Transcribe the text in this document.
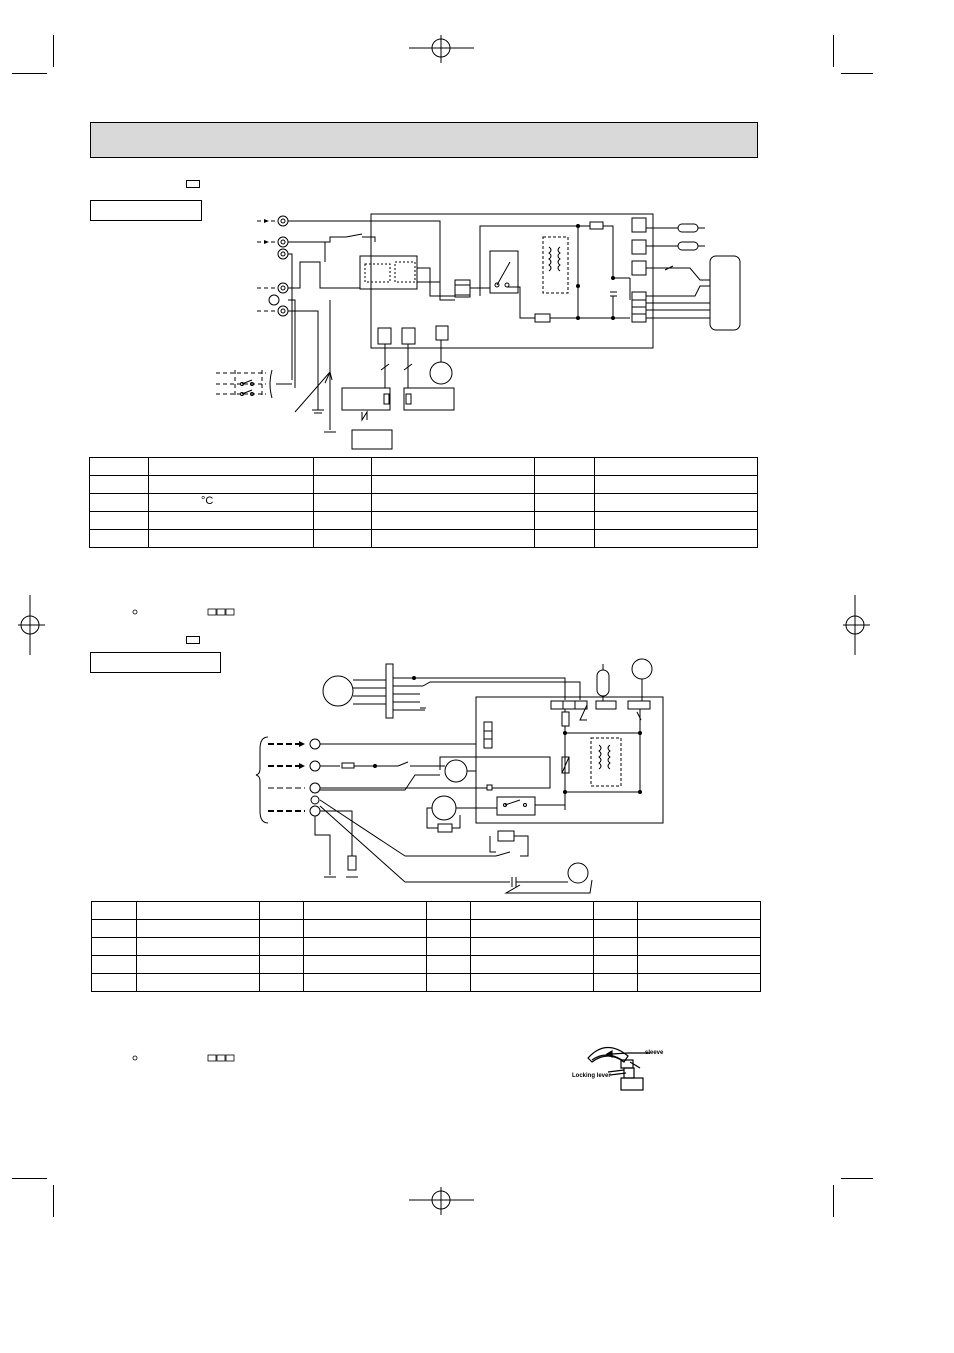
	°C				

sleeve
Locking lever
